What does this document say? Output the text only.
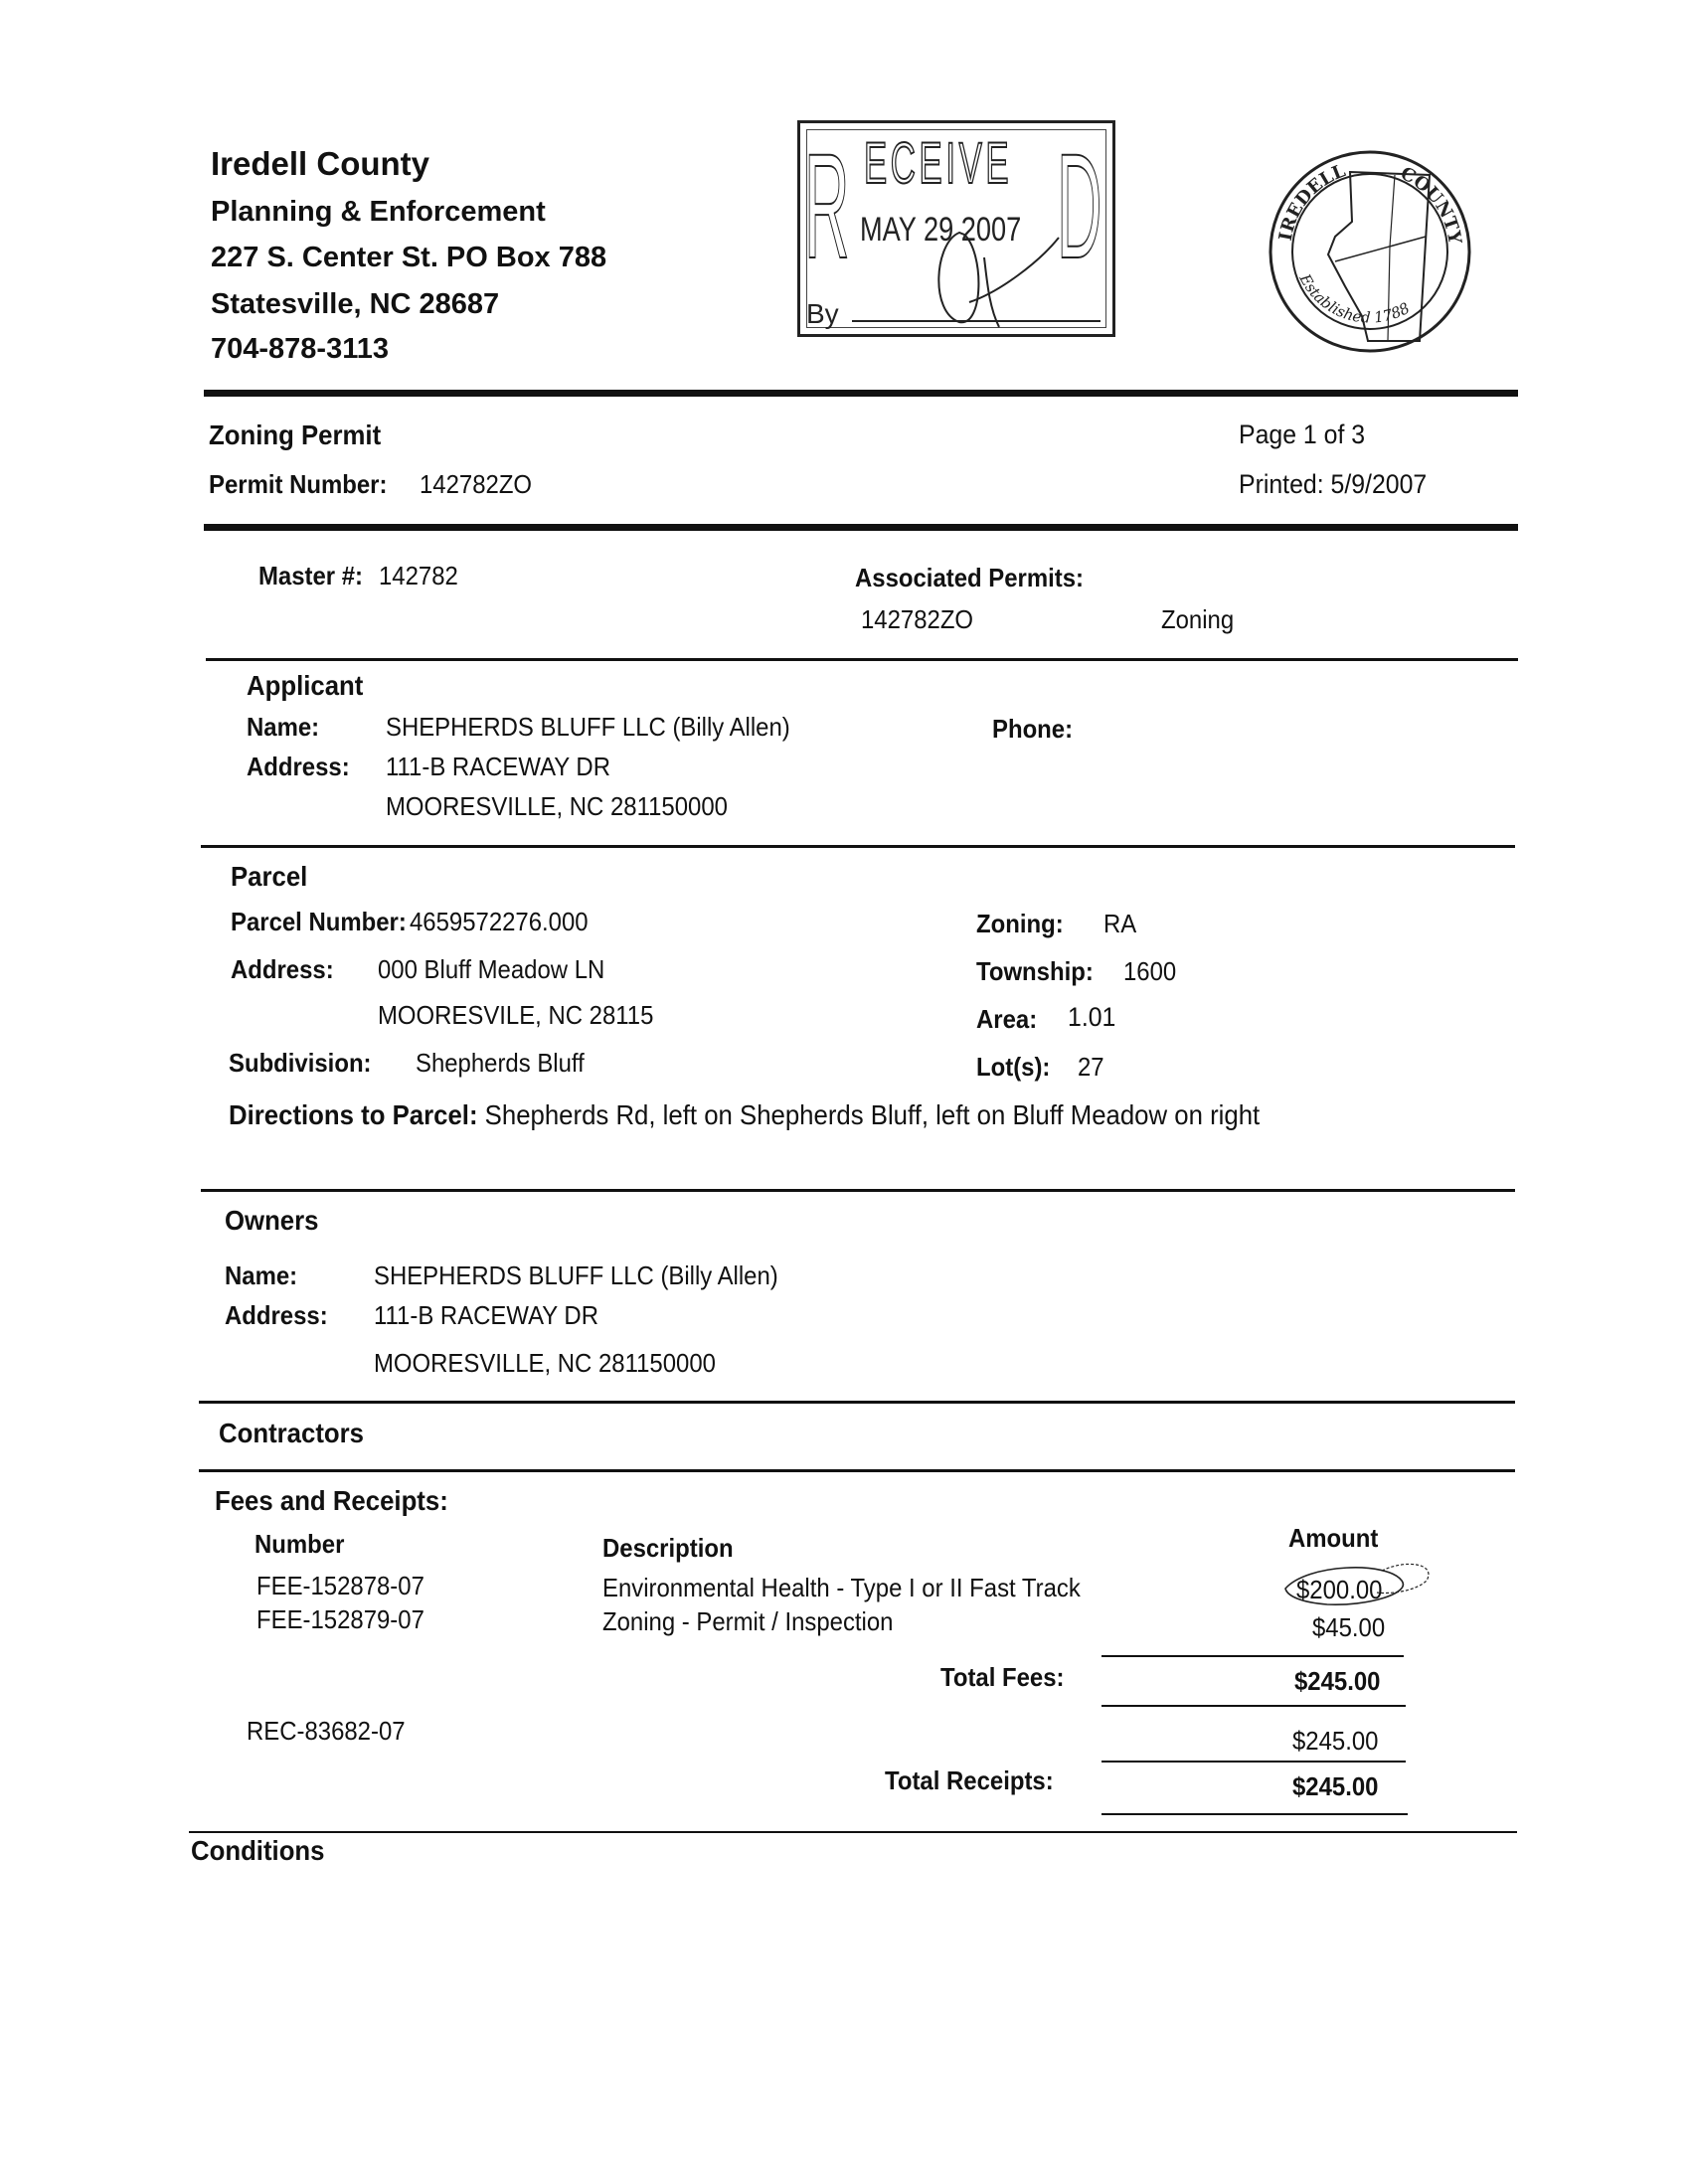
Iredell County
Planning & Enforcement
227 S. Center St. PO Box 788
Statesville, NC 28687
704-878-3113
R ECEIVE D
MAY 29 2007
By
IREDELL	COUNTY
Established 1788
Zoning Permit
Permit Number: 142782ZO
Page 1 of 3
Printed: 5/9/2007
Master #: 142782	Associated Permits:
142782ZO	Zoning
Applicant
Name:	SHEPHERDS BLUFF LLC (Billy Allen)	Phone:
Address:	111-B RACEWAY DR
MOORESVILLE, NC 281150000
Parcel
Parcel Number: 4659572276.000	Zoning: RA
Address:	000 Bluff Meadow LN	Township:	1600
MOORESVILE, NC 28115	Area: 1.01
Subdivision:	Shepherds Bluff	Lot(s): 27
Directions to Parcel: Shepherds Rd, left on Shepherds Bluff, left on Bluff Meadow on right
Owners
Name:	SHEPHERDS BLUFF LLC (Billy Allen)
Address:	111-B RACEWAY DR
MOORESVILLE, NC 281150000
Contractors
Fees and Receipts:
Number	Description	Amount
FEE-152878-07	Environmental Health - Type I or II Fast Track	$200.00
FEE-152879-07	Zoning - Permit / Inspection	$45.00
Total Fees:	$245.00
REC-83682-07	$245.00
Total Receipts:	$245.00
Conditions
